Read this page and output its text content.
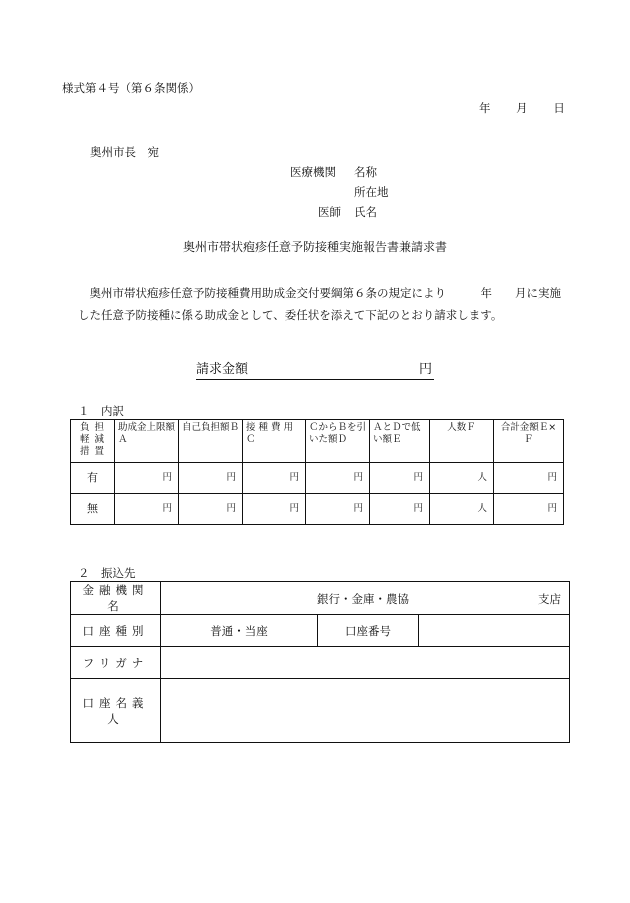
様式第４号（第６条関係）
年 月 日
奥州市長　宛
医療機関 名称
所在地
医師 氏名
奥州市帯状疱疹任意予防接種実施報告書兼請求書
　奥州市帯状疱疹任意予防接種費用助成金交付要綱第６条の規定により　　　年　　月に実施した任意予防接種に係る助成金として、委任状を添えて下記のとおり請求します。
請求金額	円
１　内訳
負 担 軽 減 措 置	助成金上限額Ａ	自己負担額Ｂ	接 種 費 用Ｃ	ＣからＢを引いた額Ｄ	ＡとＤで低い額Ｅ	人数Ｆ	合計金額Ｅ×Ｆ
有	円	円	円	円	円	人	円
無	円	円	円	円	円	人	円
２　振込先
金融機関名	銀行・金庫・農協 支店		

口座種別	普通・当座	口座番号	
フリガナ			
口座名義人			
